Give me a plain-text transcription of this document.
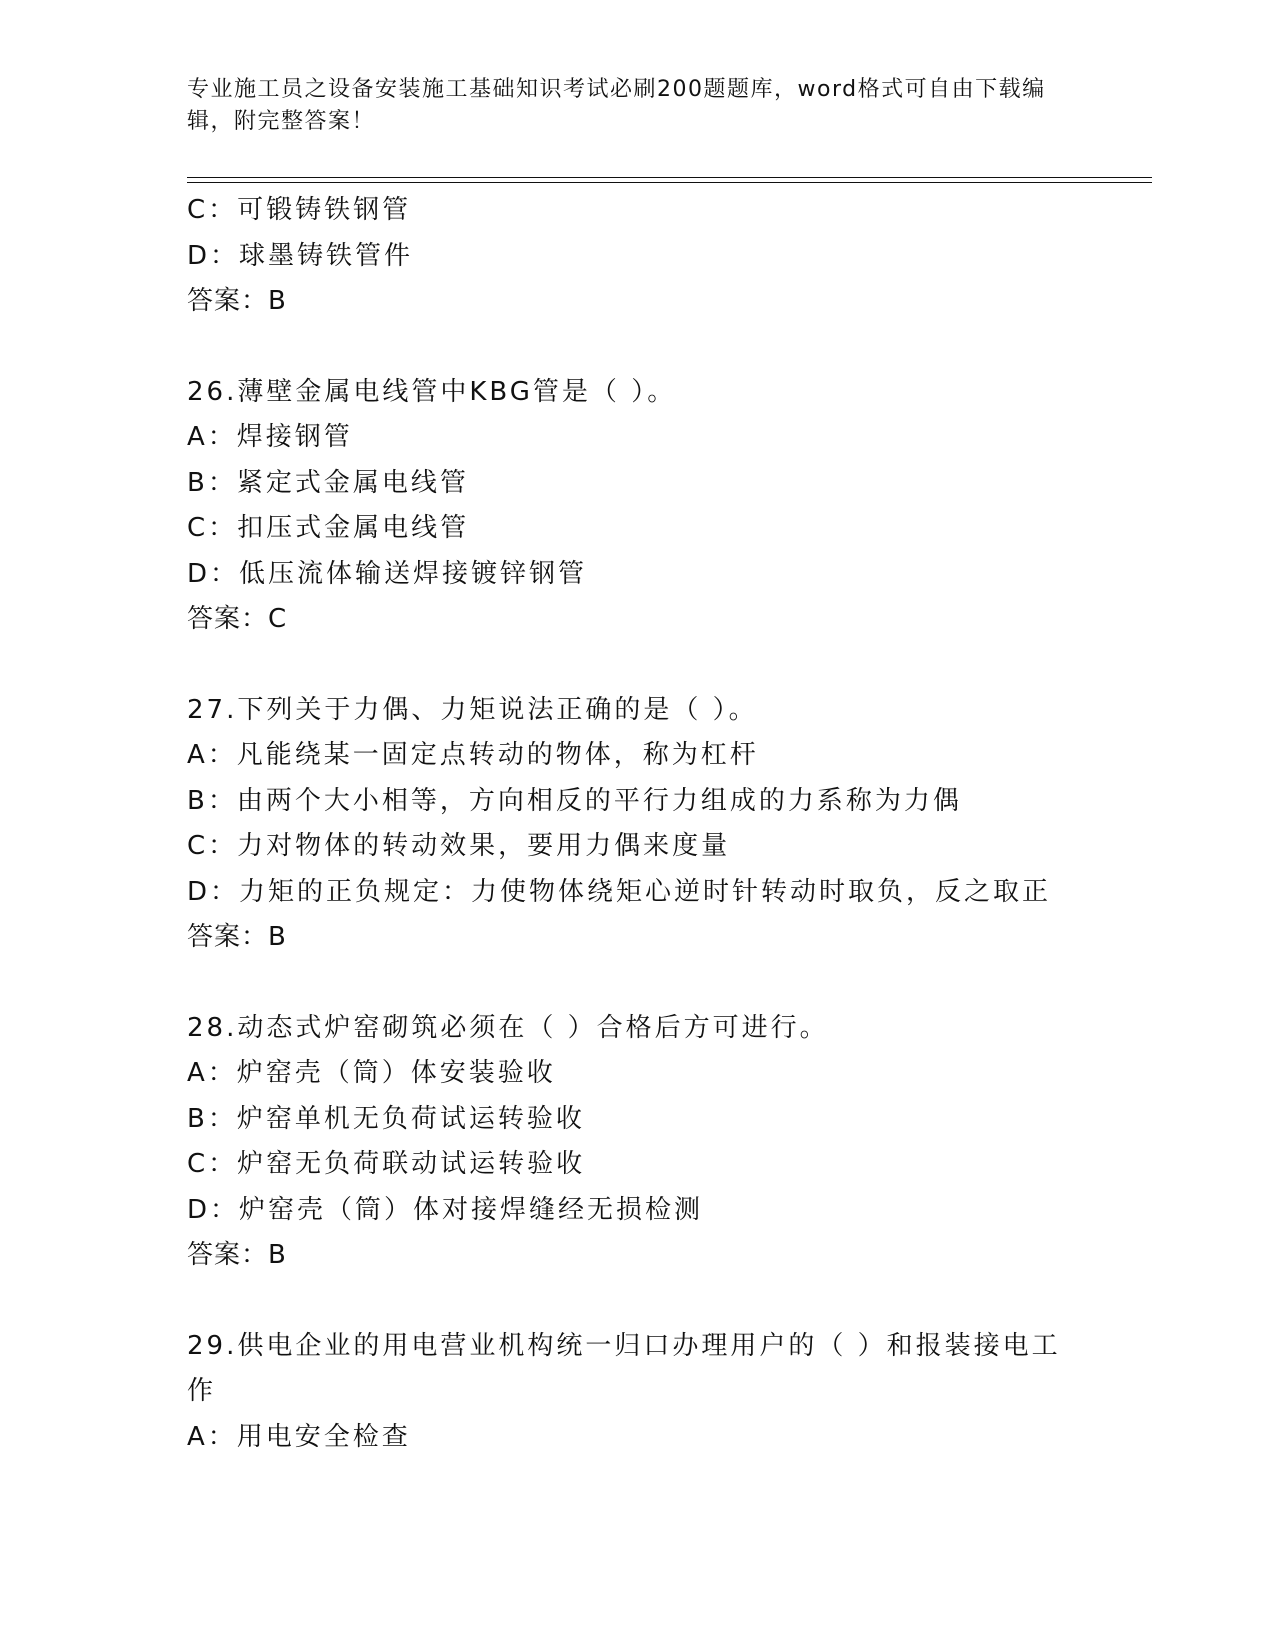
专业施工员之设备安装施工基础知识考试必刷200题题库，word格式可自由下载编辑，附完整答案！
C：可锻铸铁钢管
D：球墨铸铁管件
答案：B
26.薄壁金属电线管中KBG管是（ ）。
A：焊接钢管
B：紧定式金属电线管
C：扣压式金属电线管
D：低压流体输送焊接镀锌钢管
答案：C
27.下列关于力偶、力矩说法正确的是（ ）。
A：凡能绕某一固定点转动的物体，称为杠杆
B：由两个大小相等，方向相反的平行力组成的力系称为力偶
C：力对物体的转动效果，要用力偶来度量
D：力矩的正负规定：力使物体绕矩心逆时针转动时取负，反之取正
答案：B
28.动态式炉窑砌筑必须在（ ）合格后方可进行。
A：炉窑壳（筒）体安装验收
B：炉窑单机无负荷试运转验收
C：炉窑无负荷联动试运转验收
D：炉窑壳（筒）体对接焊缝经无损检测
答案：B
29.供电企业的用电营业机构统一归口办理用户的（ ）和报装接电工作
A：用电安全检查
